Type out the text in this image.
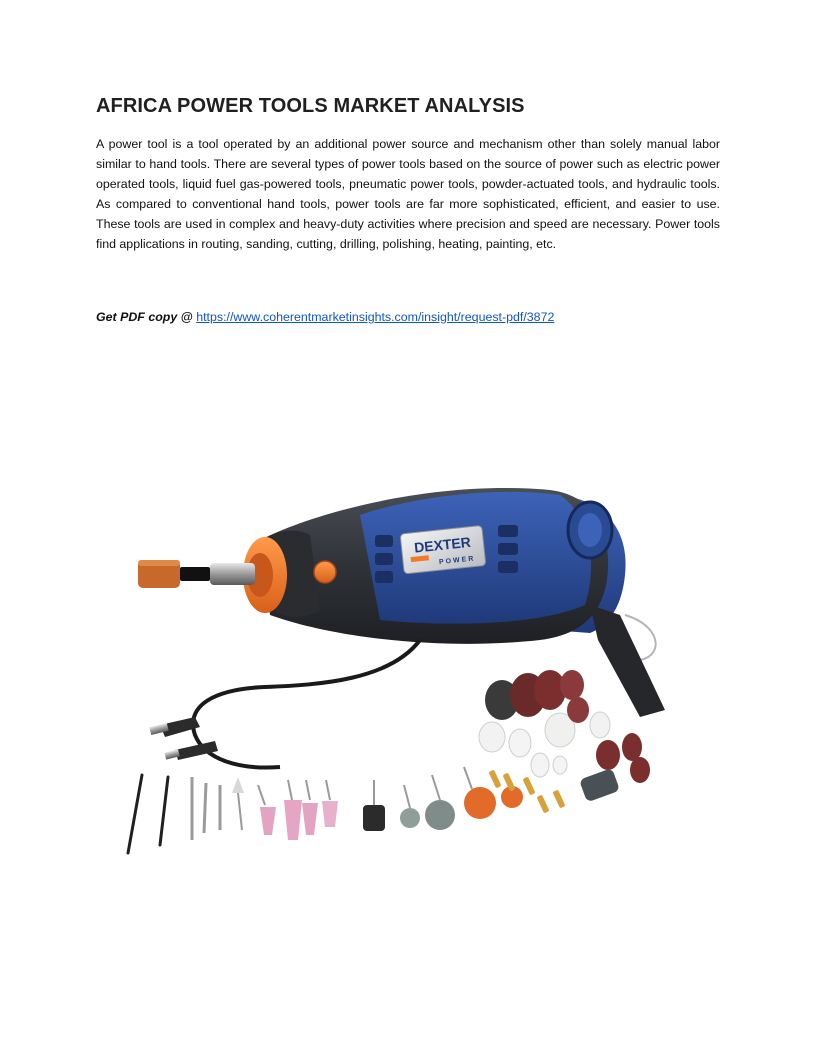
AFRICA POWER TOOLS MARKET ANALYSIS
A power tool is a tool operated by an additional power source and mechanism other than solely manual labor similar to hand tools. There are several types of power tools based on the source of power such as electric power operated tools, liquid fuel gas-powered tools, pneumatic power tools, powder-actuated tools, and hydraulic tools. As compared to conventional hand tools, power tools are far more sophisticated, efficient, and easier to use. These tools are used in complex and heavy-duty activities where precision and speed are necessary. Power tools find applications in routing, sanding, cutting, drilling, polishing, heating, painting, etc.
Get PDF copy @ https://www.coherentmarketinsights.com/insight/request-pdf/3872
DEXTER
POWER
